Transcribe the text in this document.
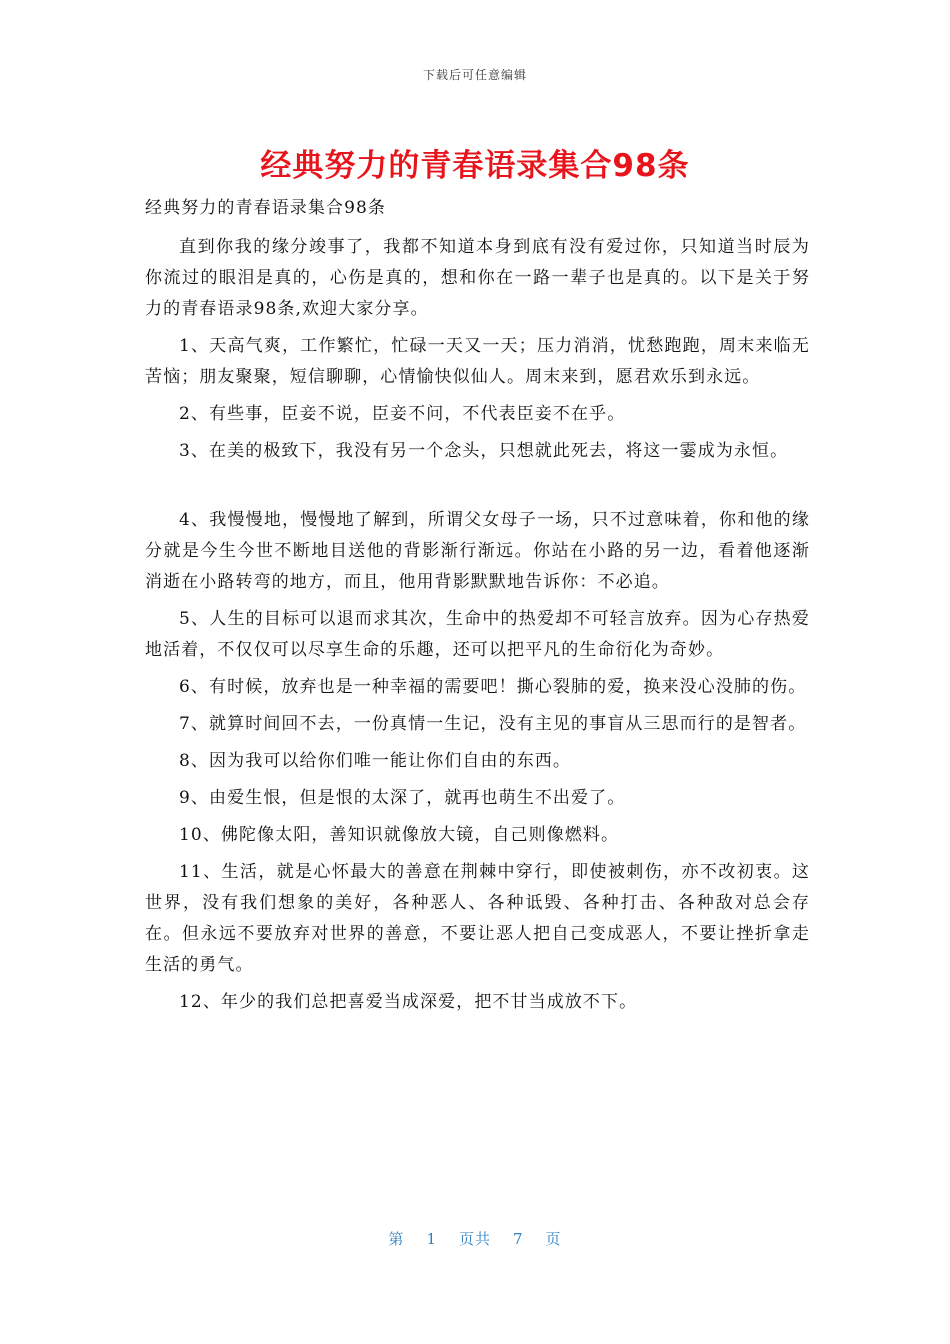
下载后可任意编辑
经典努力的青春语录集合98条

经典努力的青春语录集合98条

直到你我的缘分竣事了，我都不知道本身到底有没有爱过你，只知道当时辰为你流过的眼泪是真的，心伤是真的，想和你在一路一辈子也是真的。以下是关于努力的青春语录98条,欢迎大家分享。

1、天高气爽，工作繁忙，忙碌一天又一天；压力消消，忧愁跑跑，周末来临无苦恼；朋友聚聚，短信聊聊，心情愉快似仙人。周末来到，愿君欢乐到永远。

2、有些事，臣妾不说，臣妾不问，不代表臣妾不在乎。

3、在美的极致下，我没有另一个念头，只想就此死去，将这一霎成为永恒。

4、我慢慢地，慢慢地了解到，所谓父女母子一场，只不过意味着，你和他的缘分就是今生今世不断地目送他的背影渐行渐远。你站在小路的另一边，看着他逐渐消逝在小路转弯的地方，而且，他用背影默默地告诉你：不必追。

5、人生的目标可以退而求其次，生命中的热爱却不可轻言放弃。因为心存热爱地活着，不仅仅可以尽享生命的乐趣，还可以把平凡的生命衍化为奇妙。

6、有时候，放弃也是一种幸福的需要吧！撕心裂肺的爱，换来没心没肺的伤。

7、就算时间回不去，一份真情一生记，没有主见的事盲从三思而行的是智者。

8、因为我可以给你们唯一能让你们自由的东西。

9、由爱生恨，但是恨的太深了，就再也萌生不出爱了。

10、佛陀像太阳，善知识就像放大镜，自己则像燃料。

11、生活，就是心怀最大的善意在荆棘中穿行，即使被刺伤，亦不改初衷。这世界，没有我们想象的美好，各种恶人、各种诋毁、各种打击、各种敌对总会存在。但永远不要放弃对世界的善意，不要让恶人把自己变成恶人，不要让挫折拿走生活的勇气。

12、年少的我们总把喜爱当成深爱，把不甘当成放不下。

第 1 页共 7 页
